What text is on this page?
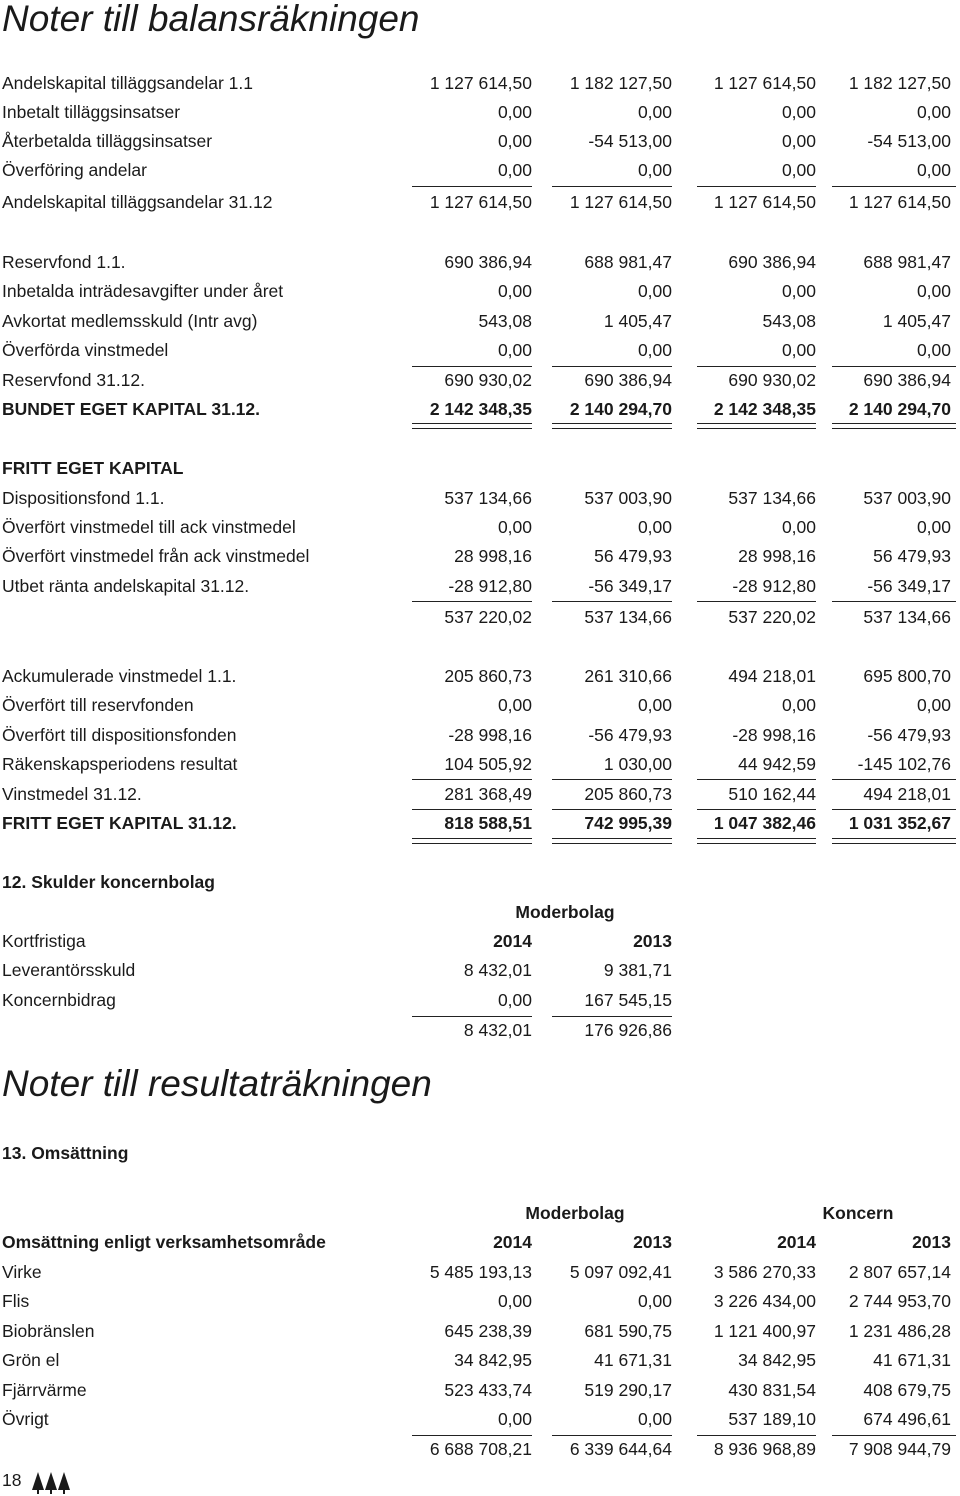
Noter till balansräkningen
Andelskapital tilläggsandelar 1.1	1 127 614,50	1 182 127,50	1 127 614,50	1 182 127,50
Inbetalt tilläggsinsatser	0,00	0,00	0,00	0,00
Återbetalda tilläggsinsatser	0,00	-54 513,00	0,00	-54 513,00
Överföring andelar	0,00	0,00	0,00	0,00
Andelskapital tilläggsandelar 31.12	1 127 614,50	1 127 614,50	1 127 614,50	1 127 614,50
Reservfond 1.1.	690 386,94	688 981,47	690 386,94	688 981,47
Inbetalda inträdesavgifter under året	0,00	0,00	0,00	0,00
Avkortat medlemsskuld (Intr avg)	543,08	1 405,47	543,08	1 405,47
Överförda vinstmedel	0,00	0,00	0,00	0,00
Reservfond 31.12.	690 930,02	690 386,94	690 930,02	690 386,94
BUNDET EGET KAPITAL 31.12.	2 142 348,35	2 140 294,70	2 142 348,35	2 140 294,70
FRITT EGET KAPITAL
Dispositionsfond 1.1.	537 134,66	537 003,90	537 134,66	537 003,90
Överfört vinstmedel till ack vinstmedel	0,00	0,00	0,00	0,00
Överfört vinstmedel från ack vinstmedel	28 998,16	56 479,93	28 998,16	56 479,93
Utbet ränta andelskapital 31.12.	-28 912,80	-56 349,17	-28 912,80	-56 349,17
537 220,02	537 134,66	537 220,02	537 134,66
Ackumulerade vinstmedel 1.1.	205 860,73	261 310,66	494 218,01	695 800,70
Överfört till reservfonden	0,00	0,00	0,00	0,00
Överfört till dispositionsfonden	-28 998,16	-56 479,93	-28 998,16	-56 479,93
Räkenskapsperiodens resultat	104 505,92	1 030,00	44 942,59	-145 102,76
Vinstmedel 31.12.	281 368,49	205 860,73	510 162,44	494 218,01
FRITT EGET KAPITAL 31.12.	818 588,51	742 995,39	1 047 382,46	1 031 352,67
12. Skulder koncernbolag
Moderbolag
Kortfristiga	2014	2013
Leverantörsskuld	8 432,01	9 381,71
Koncernbidrag	0,00	167 545,15
8 432,01	176 926,86
Noter till resultaträkningen
13. Omsättning
Moderbolag	Koncern
Omsättning enligt verksamhetsområde	2014	2013	2014	2013
Virke	5 485 193,13	5 097 092,41	3 586 270,33	2 807 657,14
Flis	0,00	0,00	3 226 434,00	2 744 953,70
Biobränslen	645 238,39	681 590,75	1 121 400,97	1 231 486,28
Grön el	34 842,95	41 671,31	34 842,95	41 671,31
Fjärrvärme	523 433,74	519 290,17	430 831,54	408 679,75
Övrigt	0,00	0,00	537 189,10	674 496,61
6 688 708,21	6 339 644,64	8 936 968,89	7 908 944,79
18
